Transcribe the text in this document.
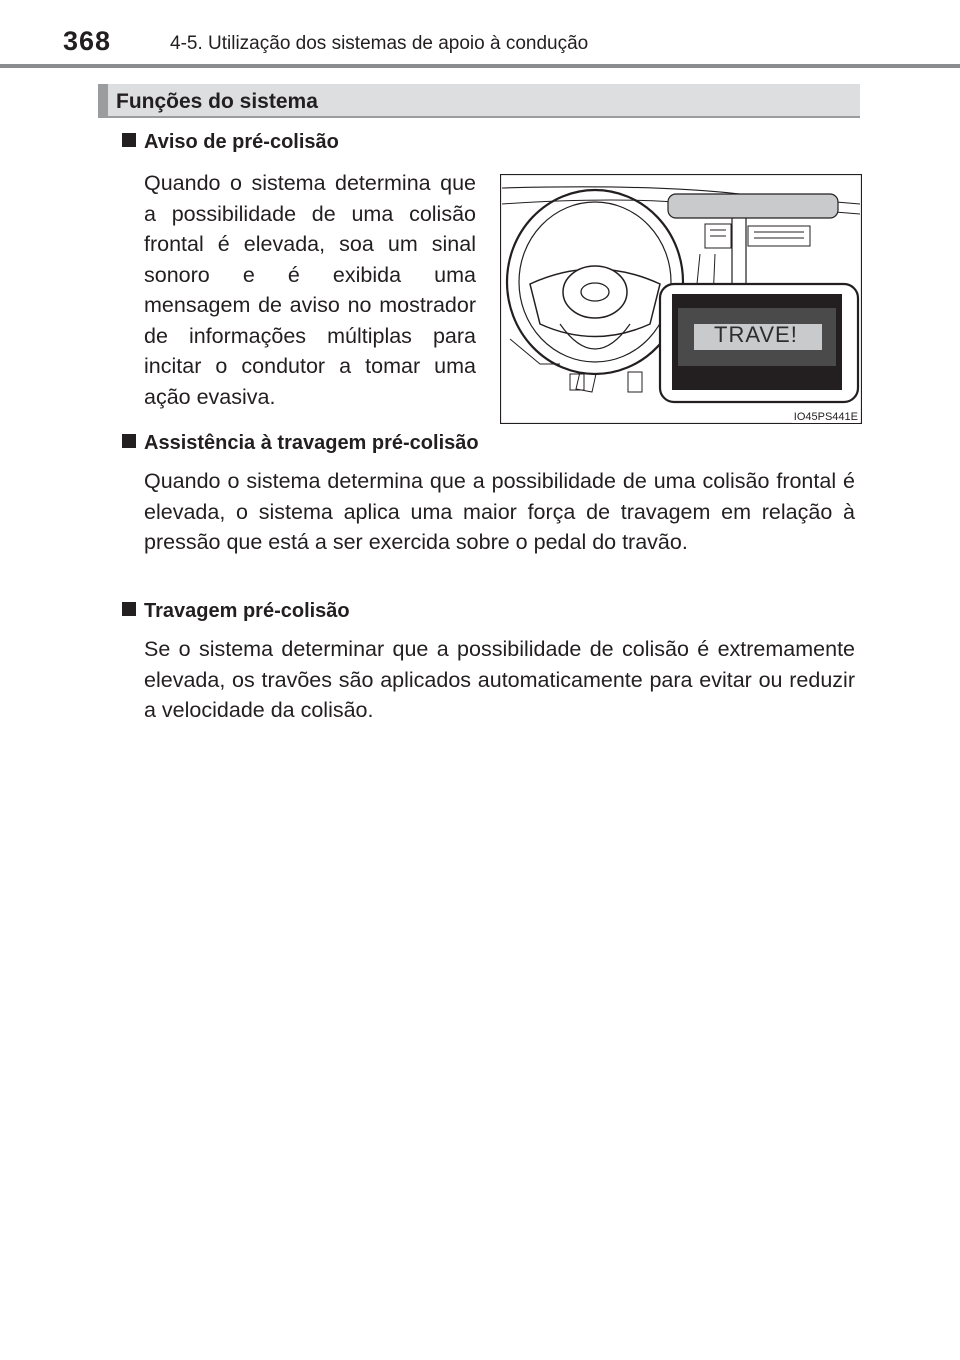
368	4-5. Utilização dos sistemas de apoio à condução
Funções do sistema
Aviso de pré-colisão
Quando o sistema determina que a possibilidade de uma colisão frontal é elevada, soa um sinal sonoro e é exibida uma mensagem de aviso no mostrador de informações múltiplas para incitar o condutor a tomar uma ação evasiva.
TRAVE!
IO45PS441E
Assistência à travagem pré-colisão
Quando o sistema determina que a possibilidade de uma colisão frontal é elevada, o sistema aplica uma maior força de travagem em relação à pressão que está a ser exercida sobre o pedal do travão.
Travagem pré-colisão
Se o sistema determinar que a possibilidade de colisão é extremamente elevada, os travões são aplicados automaticamente para evitar ou reduzir a velocidade da colisão.
